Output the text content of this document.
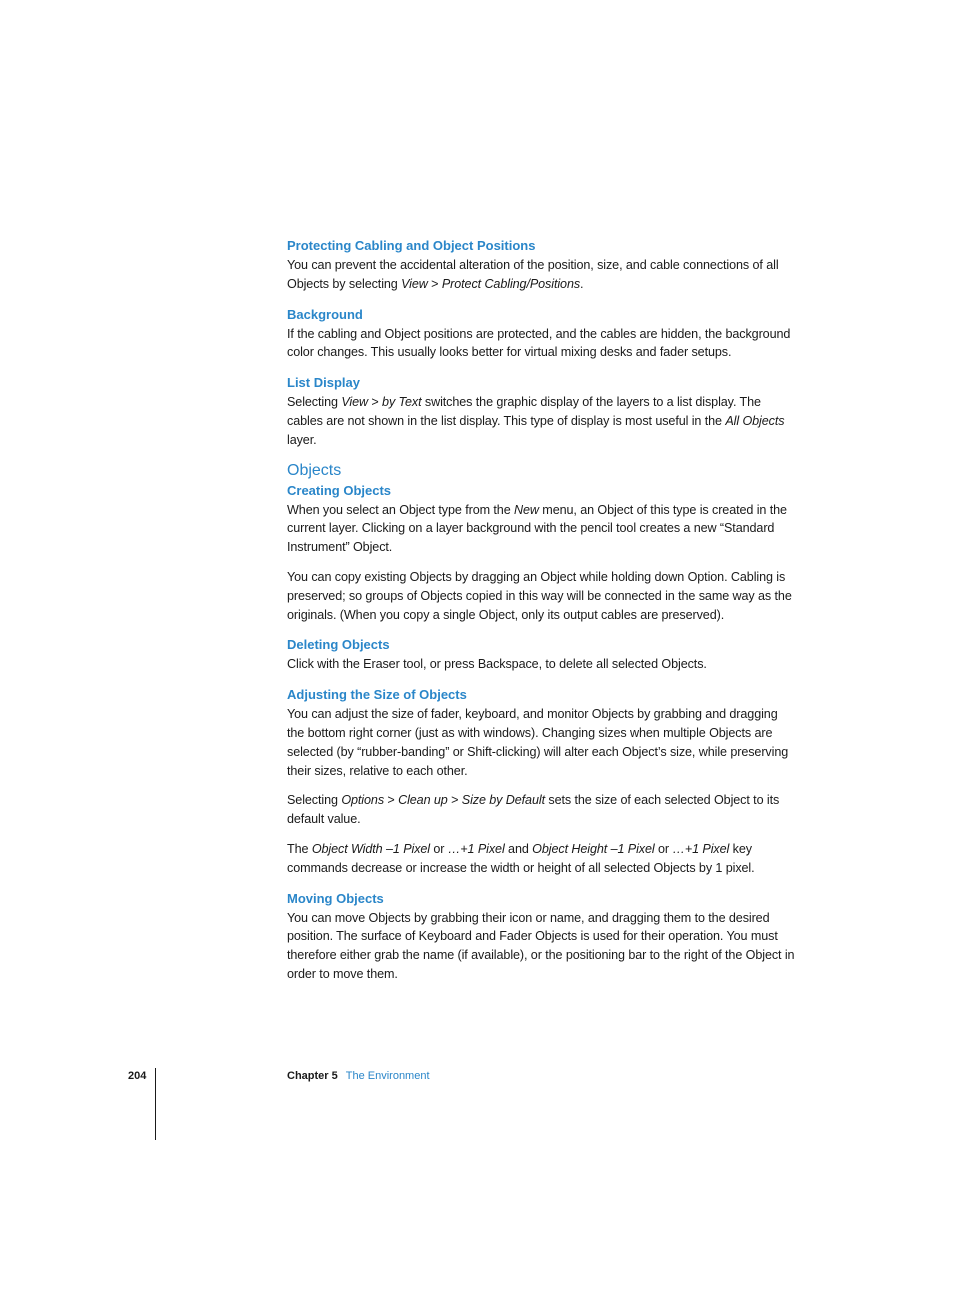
Protecting Cabling and Object Positions

You can prevent the accidental alteration of the position, size, and cable connections of all Objects by selecting View > Protect Cabling/Positions.

Background

If the cabling and Object positions are protected, and the cables are hidden, the background color changes. This usually looks better for virtual mixing desks and fader setups.

List Display

Selecting View > by Text switches the graphic display of the layers to a list display. The cables are not shown in the list display. This type of display is most useful in the All Objects layer.

Objects
Creating Objects

When you select an Object type from the New menu, an Object of this type is created in the current layer. Clicking on a layer background with the pencil tool creates a new “Standard Instrument” Object.

You can copy existing Objects by dragging an Object while holding down Option. Cabling is preserved; so groups of Objects copied in this way will be connected in the same way as the originals. (When you copy a single Object, only its output cables are preserved).

Deleting Objects

Click with the Eraser tool, or press Backspace, to delete all selected Objects.

Adjusting the Size of Objects

You can adjust the size of fader, keyboard, and monitor Objects by grabbing and dragging the bottom right corner (just as with windows). Changing sizes when multiple Objects are selected (by “rubber-banding” or Shift-clicking) will alter each Object’s size, while preserving their sizes, relative to each other.

Selecting Options > Clean up > Size by Default sets the size of each selected Object to its default value.

The Object Width –1 Pixel or …+1 Pixel and Object Height –1 Pixel or …+1 Pixel key commands decrease or increase the width or height of all selected Objects by 1 pixel.

Moving Objects

You can move Objects by grabbing their icon or name, and dragging them to the desired position. The surface of Keyboard and Fader Objects is used for their operation. You must therefore either grab the name (if available), or the positioning bar to the right of the Object in order to move them.

204	Chapter 5 The Environment
